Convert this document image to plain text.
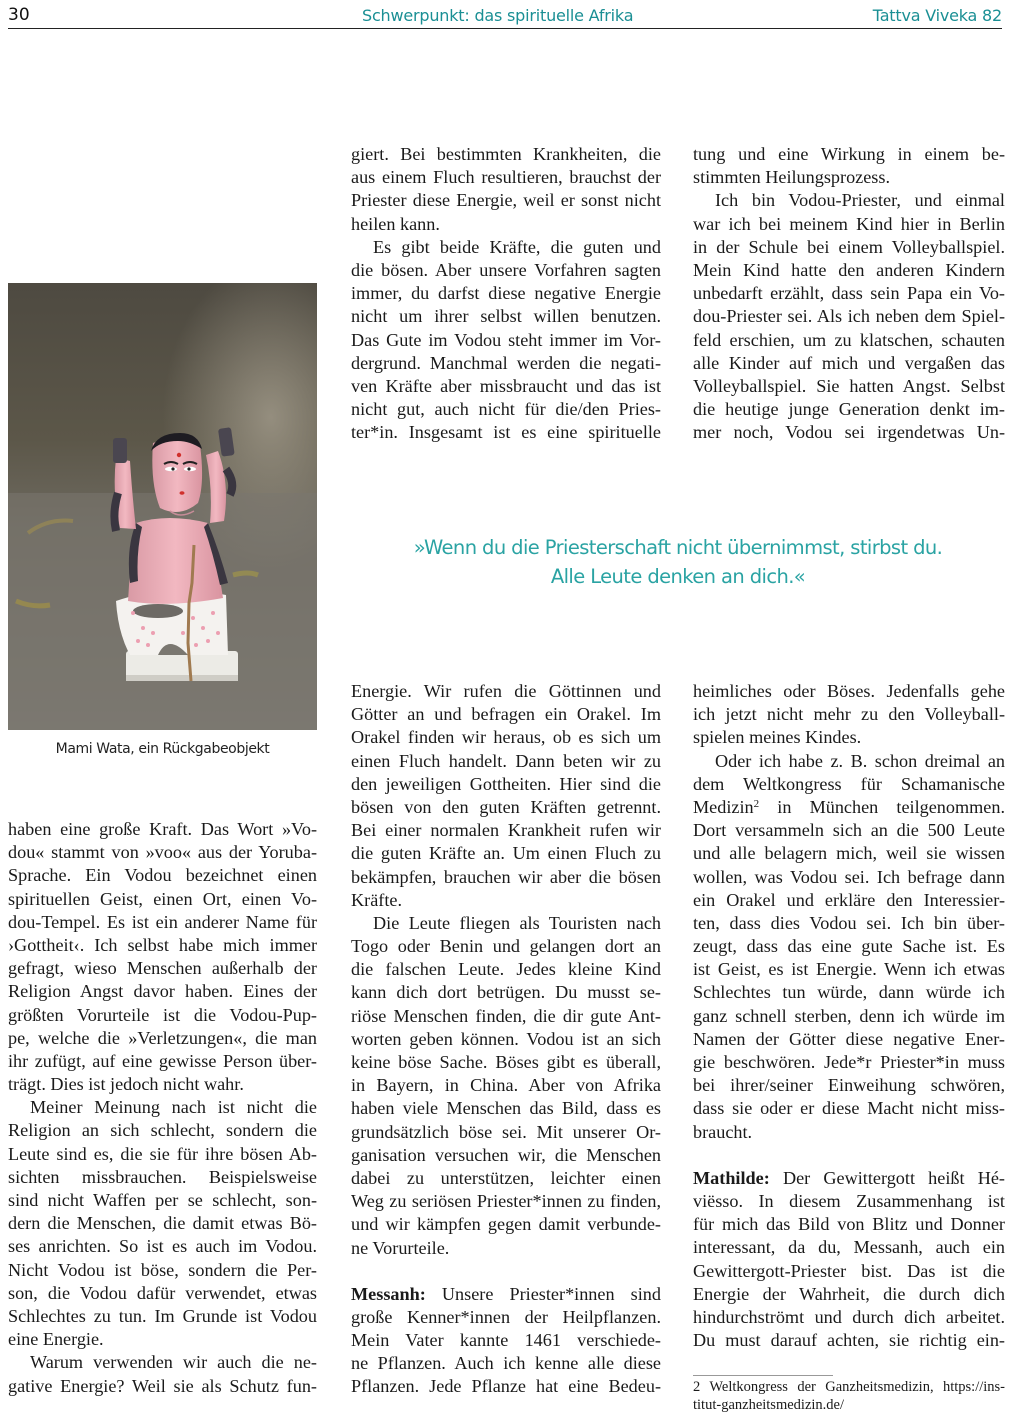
30	Schwerpunkt: das spirituelle Afrika	Tattva Viveka 82
Mami Wata, ein Rückgabeobjekt
giert. Bei bestimmten Krankheiten, die
aus einem Fluch resultieren, brauchst der
Priester diese Energie, weil er sonst nicht
heilen kann.
Es gibt beide Kräfte, die guten und
die bösen. Aber unsere Vorfahren sagten
immer, du darfst diese negative Energie
nicht um ihrer selbst willen benutzen.
Das Gute im Vodou steht immer im Vor-
dergrund. Manchmal werden die negati-
ven Kräfte aber missbraucht und das ist
nicht gut, auch nicht für die/den Pries-
ter*in. Insgesamt ist es eine spirituelle
tung und eine Wirkung in einem be-
stimmten Heilungsprozess.
Ich bin Vodou-Priester, und einmal
war ich bei meinem Kind hier in Berlin
in der Schule bei einem Volleyballspiel.
Mein Kind hatte den anderen Kindern
unbedarft erzählt, dass sein Papa ein Vo-
dou-Priester sei. Als ich neben dem Spiel-
feld erschien, um zu klatschen, schauten
alle Kinder auf mich und vergaßen das
Volleyballspiel. Sie hatten Angst. Selbst
die heutige junge Generation denkt im-
mer noch, Vodou sei irgendetwas Un-
»Wenn du die Priesterschaft nicht übernimmst, stirbst du.
Alle Leute denken an dich.«
haben eine große Kraft. Das Wort »Vo-
dou« stammt von »voo« aus der Yoruba-
Sprache. Ein Vodou bezeichnet einen
spirituellen Geist, einen Ort, einen Vo-
dou-Tempel. Es ist ein anderer Name für
›Gottheit‹. Ich selbst habe mich immer
gefragt, wieso Menschen außerhalb der
Religion Angst davor haben. Eines der
größten Vorurteile ist die Vodou-Pup-
pe, welche die »Verletzungen«, die man
ihr zufügt, auf eine gewisse Person über-
trägt. Dies ist jedoch nicht wahr.
Meiner Meinung nach ist nicht die
Religion an sich schlecht, sondern die
Leute sind es, die sie für ihre bösen Ab-
sichten missbrauchen. Beispielsweise
sind nicht Waffen per se schlecht, son-
dern die Menschen, die damit etwas Bö-
ses anrichten. So ist es auch im Vodou.
Nicht Vodou ist böse, sondern die Per-
son, die Vodou dafür verwendet, etwas
Schlechtes zu tun. Im Grunde ist Vodou
eine Energie.
Warum verwenden wir auch die ne-
gative Energie? Weil sie als Schutz fun-
Energie. Wir rufen die Göttinnen und
Götter an und befragen ein Orakel. Im
Orakel finden wir heraus, ob es sich um
einen Fluch handelt. Dann beten wir zu
den jeweiligen Gottheiten. Hier sind die
bösen von den guten Kräften getrennt.
Bei einer normalen Krankheit rufen wir
die guten Kräfte an. Um einen Fluch zu
bekämpfen, brauchen wir aber die bösen
Kräfte.
Die Leute fliegen als Touristen nach
Togo oder Benin und gelangen dort an
die falschen Leute. Jedes kleine Kind
kann dich dort betrügen. Du musst se-
riöse Menschen finden, die dir gute Ant-
worten geben können. Vodou ist an sich
keine böse Sache. Böses gibt es überall,
in Bayern, in China. Aber von Afrika
haben viele Menschen das Bild, dass es
grundsätzlich böse sei. Mit unserer Or-
ganisation versuchen wir, die Menschen
dabei zu unterstützen, leichter einen
Weg zu seriösen Priester*innen zu finden,
und wir kämpfen gegen damit verbunde-
ne Vorurteile.
Messanh: Unsere Priester*innen sind
große Kenner*innen der Heilpflanzen.
Mein Vater kannte 1461 verschiede-
ne Pflanzen. Auch ich kenne alle diese
Pflanzen. Jede Pflanze hat eine Bedeu-
heimliches oder Böses. Jedenfalls gehe
ich jetzt nicht mehr zu den Volleyball-
spielen meines Kindes.
Oder ich habe z. B. schon dreimal an
dem Weltkongress für Schamanische
Medizin$^2$ in München teilgenommen.
Dort versammeln sich an die 500 Leute
und alle belagern mich, weil sie wissen
wollen, was Vodou sei. Ich befrage dann
ein Orakel und erkläre den Interessier-
ten, dass dies Vodou sei. Ich bin über-
zeugt, dass das eine gute Sache ist. Es
ist Geist, es ist Energie. Wenn ich etwas
Schlechtes tun würde, dann würde ich
ganz schnell sterben, denn ich würde im
Namen der Götter diese negative Ener-
gie beschwören. Jede*r Priester*in muss
bei ihrer/seiner Einweihung schwören,
dass sie oder er diese Macht nicht miss-
braucht.
Mathilde: Der Gewittergott heißt Hé-
viësso. In diesem Zusammenhang ist
für mich das Bild von Blitz und Donner
interessant, da du, Messanh, auch ein
Gewittergott-Priester bist. Das ist die
Energie der Wahrheit, die durch dich
hindurchströmt und durch dich arbeitet.
Du must darauf achten, sie richtig ein-
2 Weltkongress der Ganzheitsmedizin, https://ins-
titut-ganzheitsmedizin.de/
